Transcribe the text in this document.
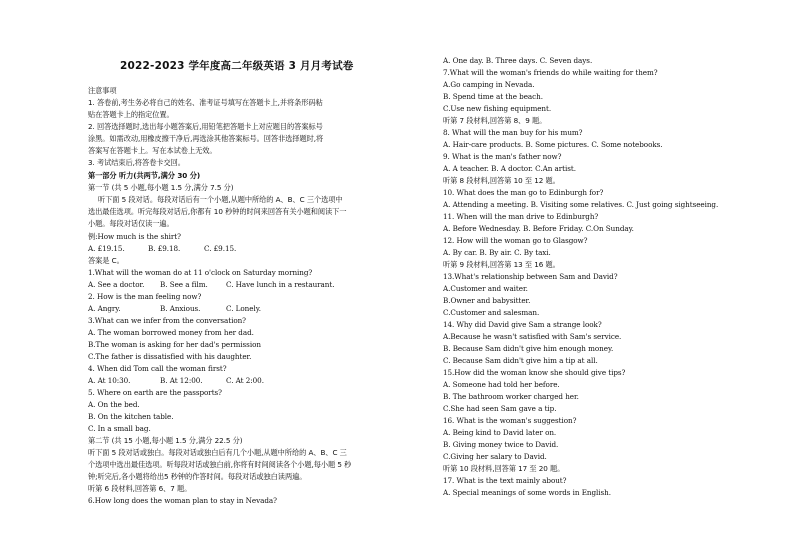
2022-2023 学年度高二年级英语 3 月月考试卷
注意事项
1. 答卷前,考生务必将自己的姓名、准考证号填写在答题卡上,并将条形码粘
贴在答题卡上的指定位置。
2. 回答选择题时,选出每小题答案后,用铅笔把答题卡上对应题目的答案标号
涂黑。如需改动,用橡皮擦干净后,再选涂其他答案标号。回答非选择题时,将
答案写在答题卡上。写在本试卷上无效。
3. 考试结束后,将答卷卡交回。
第一部分 听力(共两节,满分 30 分)
第一节 (共 5 小题,每小题 1.5 分,满分 7.5 分)
听下面 5 段对话。每段对话后有一个小题,从题中所给的 A、B、C 三个选项中
选出最佳选项。听完每段对话后,你都有 10 秒钟的时间来回答有关小题和阅读下一
小题。每段对话仅读一遍。
例:How much is the shirt?
A. £19.15.	B. £9.18.	C. £9.15.
答案是 C。
1.What will the woman do at 11 o'clock on Saturday morning?
A. See a doctor. B. See a film.	C. Have lunch in a restaurant.
2. How is the man feeling now?
A. Angry.	B. Anxious.	C. Lonely.
3.What can we infer from the conversation?
A. The woman borrowed money from her dad.
B.The woman is asking for her dad's permission
C.The father is dissatisfied with his daughter.
4. When did Tom call the woman first?
A. At 10:30.	B. At 12:00.	C. At 2:00.
5. Where on earth are the passports?
A. On the bed.
B. On the kitchen table.
C. In a small bag.
第二节 (共 15 小题,每小题 1.5 分,满分 22.5 分)
听下面 5 段对话或独白。每段对话或独白后有几个小题,从题中所给的 A、B、C 三
个选项中选出最佳选项。听每段对话或独白前,你将有时间阅读各个小题,每小题 5 秒
钟;听完后,各小题将给出5 秒钟的作答时间。每段对话或独白读两遍。
听第 6 段材料,回答第 6、7 题。
6.How long does the woman plan to stay in Nevada?
A. One day. B. Three days. C. Seven days.
7.What will the woman's friends do while waiting for them?
A.Go camping in Nevada.
B. Spend time at the beach.
C.Use new fishing equipment.
听第 7 段材料,回答第 8、9 题。
8. What will the man buy for his mum?
A. Hair-care products. B. Some pictures. C. Some notebooks.
9. What is the man's father now?
A. A teacher. B. A doctor. C.An artist.
听第 8 段材料,回答第 10 至 12 题。
10. What does the man go to Edinburgh for?
A. Attending a meeting. B. Visiting some relatives. C. Just going sightseeing.
11. When will the man drive to Edinburgh?
A. Before Wednesday. B. Before Friday. C.On Sunday.
12. How will the woman go to Glasgow?
A. By car. B. By air. C. By taxi.
听第 9 段材料,回答第 13 至 16 题。
13.What's relationship between Sam and David?
A.Customer and waiter.
B.Owner and babysitter.
C.Customer and salesman.
14. Why did David give Sam a strange look?
A.Because he wasn't satisfied with Sam's service.
B. Because Sam didn't give him enough money.
C. Because Sam didn't give him a tip at all.
15.How did the woman know she should give tips?
A. Someone had told her before.
B. The bathroom worker charged her.
C.She had seen Sam gave a tip.
16. What is the woman's suggestion?
A. Being kind to David later on.
B. Giving money twice to David.
C.Giving her salary to David.
听第 10 段材料,回答第 17 至 20 题。
17. What is the text mainly about?
A. Special meanings of some words in English.
